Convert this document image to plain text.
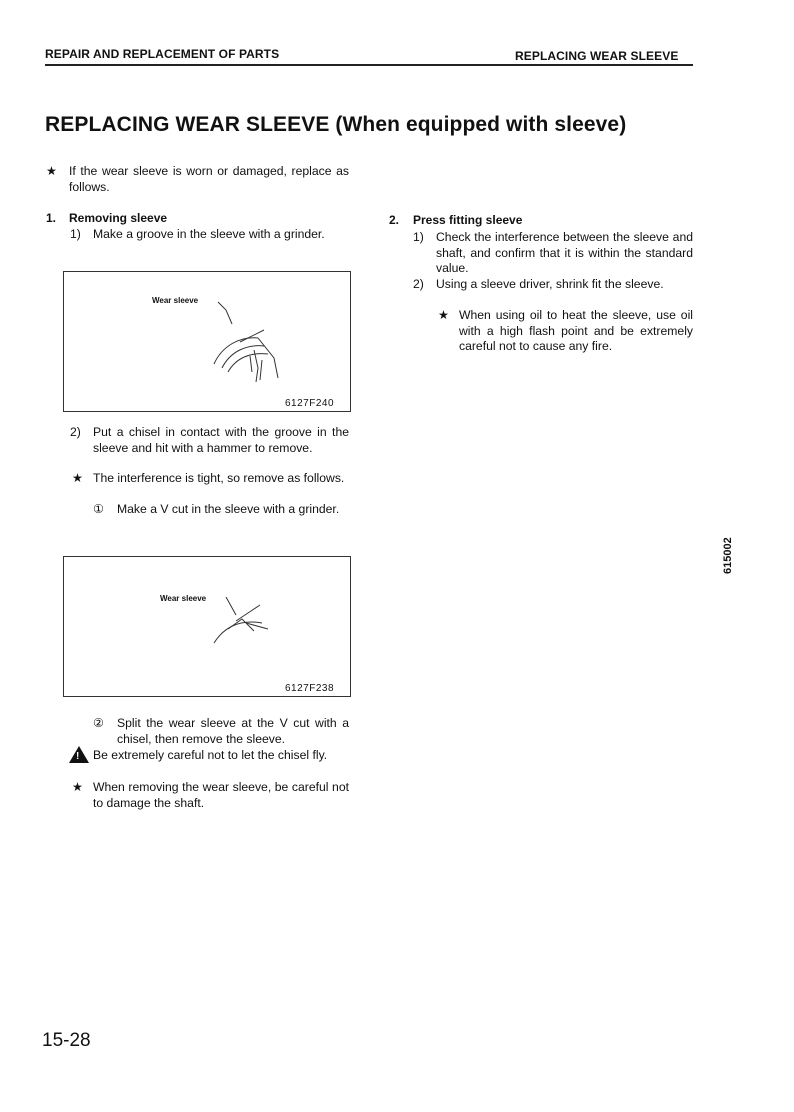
REPAIR AND REPLACEMENT OF PARTS	REPLACING WEAR SLEEVE
REPLACING WEAR SLEEVE (When equipped with sleeve)
★ If the wear sleeve is worn or damaged, replace as follows.
1. Removing sleeve
1) Make a groove in the sleeve with a grinder.
Wear sleeve
6127F240
2) Put a chisel in contact with the groove in the sleeve and hit with a hammer to remove.
★ The interference is tight, so remove as follows.
① Make a V cut in the sleeve with a grinder.
Wear sleeve
6127F238
② Split the wear sleeve at the V cut with a chisel, then remove the sleeve.
! Be extremely careful not to let the chisel fly.
★ When removing the wear sleeve, be careful not to damage the shaft.
2. Press fitting sleeve
1) Check the interference between the sleeve and shaft, and confirm that it is within the standard value.
2) Using a sleeve driver, shrink fit the sleeve.
★ When using oil to heat the sleeve, use oil with a high flash point and be extremely careful not to cause any fire.
615002
15-28
